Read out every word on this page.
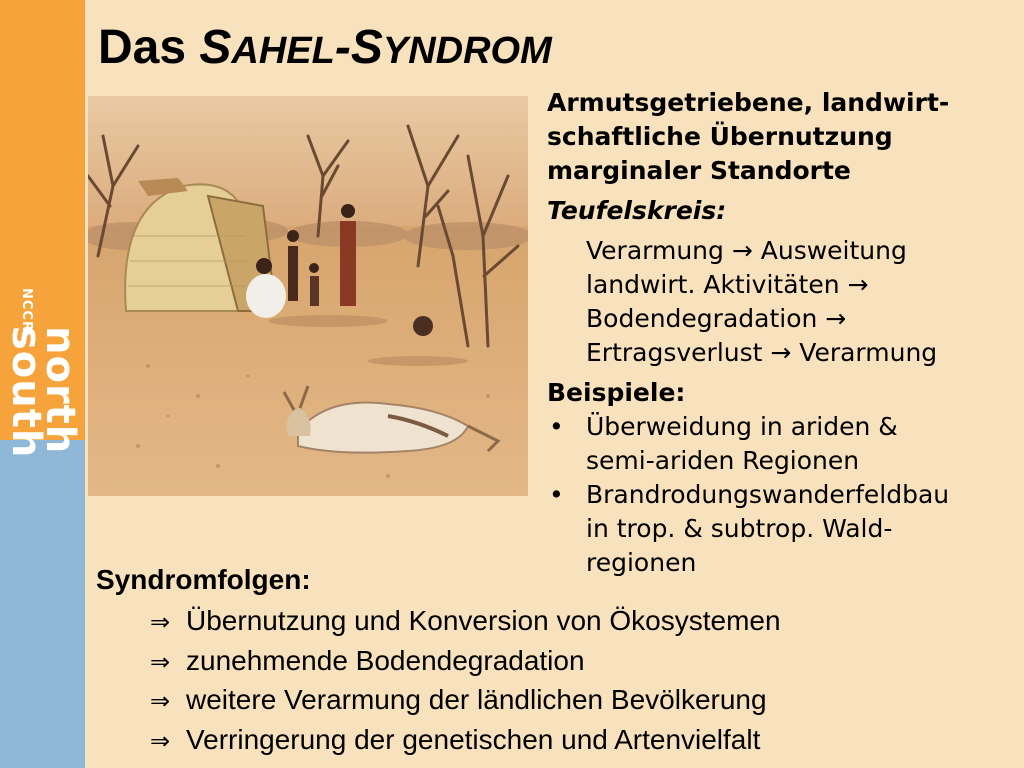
NCCR
north
south
Das SAHEL-SYNDROM
Armutsgetriebene, landwirt-
schaftliche Übernutzung
marginaler Standorte
Teufelskreis:
Verarmung → Ausweitung
landwirt. Aktivitäten →
Bodendegradation →
Ertragsverlust → Verarmung
Beispiele:
• Überweidung in ariden &
semi-ariden Regionen
• Brandrodungswanderfeldbau
in trop. & subtrop. Wald-
regionen
Syndromfolgen:
⇒ Übernutzung und Konversion von Ökosystemen
⇒ zunehmende Bodendegradation
⇒ weitere Verarmung der ländlichen Bevölkerung
⇒ Verringerung der genetischen und Artenvielfalt
